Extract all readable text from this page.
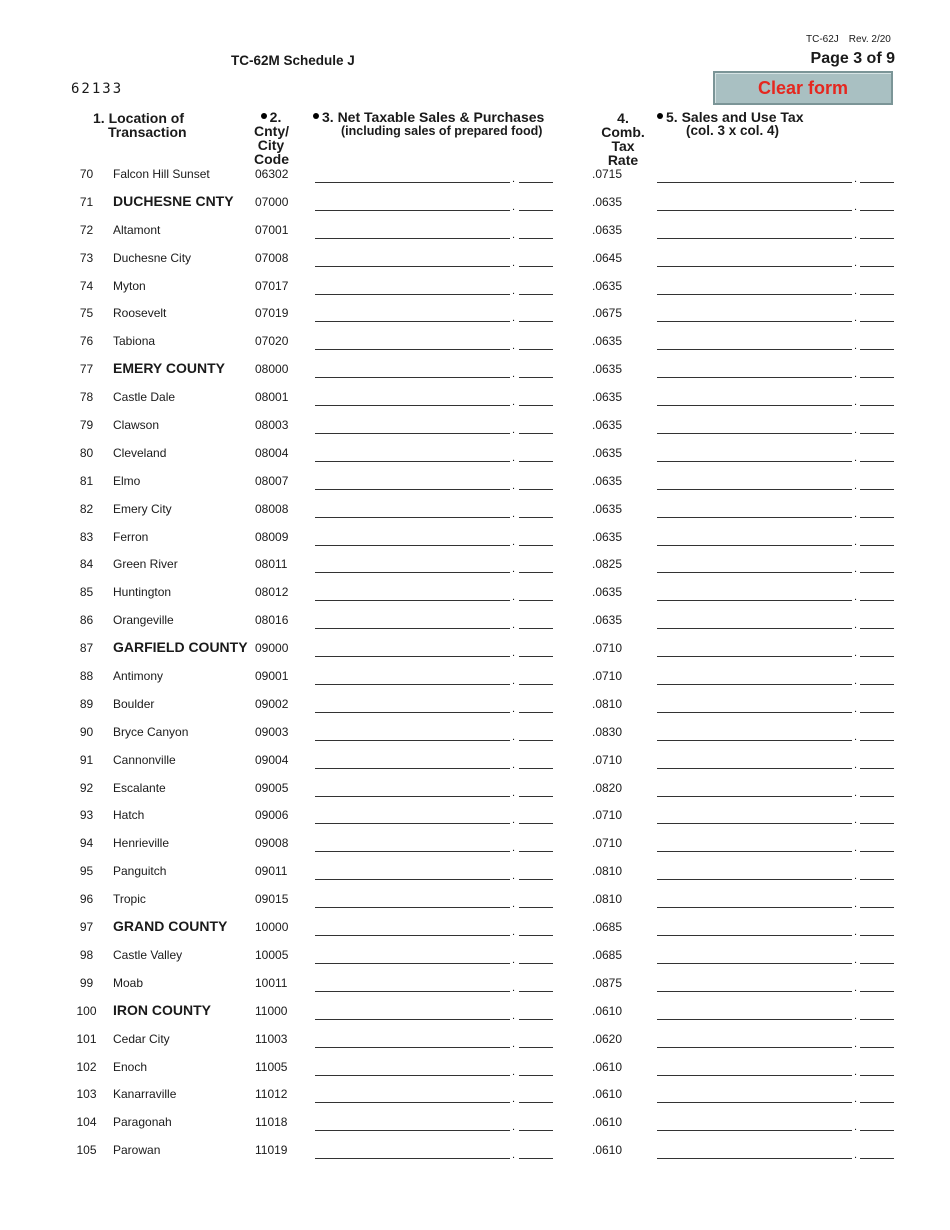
TC-62J Rev. 2/20
TC-62M Schedule J	Page 3 of 9
62133	Clear form
1. Location of
Transaction
2.
Cnty/
City
Code
3. Net Taxable Sales & Purchases
(including sales of prepared food)
4.
Comb.
Tax Rate
5. Sales and Use Tax
(col. 3 x col. 4)
70	Falcon Hill Sunset	06302	.	.0715	.
71	DUCHESNE CNTY 07000	.	.0635	.
72	Altamont	07001	.	.0635	.
73	Duchesne City	07008	.	.0645	.
74	Myton	07017	.	.0635	.
75	Roosevelt	07019	.	.0675	.
76	Tabiona	07020	.	.0635	.
77	EMERY COUNTY 08000	.	.0635	.
78	Castle Dale	08001	.	.0635	.
79	Clawson	08003	.	.0635	.
80	Cleveland	08004	.	.0635	.
81	Elmo	08007	.	.0635	.
82	Emery City	08008	.	.0635	.
83	Ferron	08009	.	.0635	.
84	Green River	08011	.	.0825	.
85	Huntington	08012	.	.0635	.
86	Orangeville	08016	.	.0635	.
87	GARFIELD COUNTY 09000	.	.0710	.
88	Antimony	09001	.	.0710	.
89	Boulder	09002	.	.0810	.
90	Bryce Canyon	09003	.	.0830	.
91	Cannonville	09004	.	.0710	.
92	Escalante	09005	.	.0820	.
93	Hatch	09006	.	.0710	.
94	Henrieville	09008	.	.0710	.
95	Panguitch	09011	.	.0810	.
96	Tropic	09015	.	.0810	.
97	GRAND COUNTY 10000	.	.0685	.
98	Castle Valley	10005	.	.0685	.
99	Moab	10011	.	.0875	.
100	IRON COUNTY	11000	.	.0610	.
101	Cedar City	11003	.	.0620	.
102	Enoch	11005	.	.0610	.
103	Kanarraville	11012	.	.0610	.
104	Paragonah	11018	.	.0610	.
105	Parowan	11019	.	.0610	.
